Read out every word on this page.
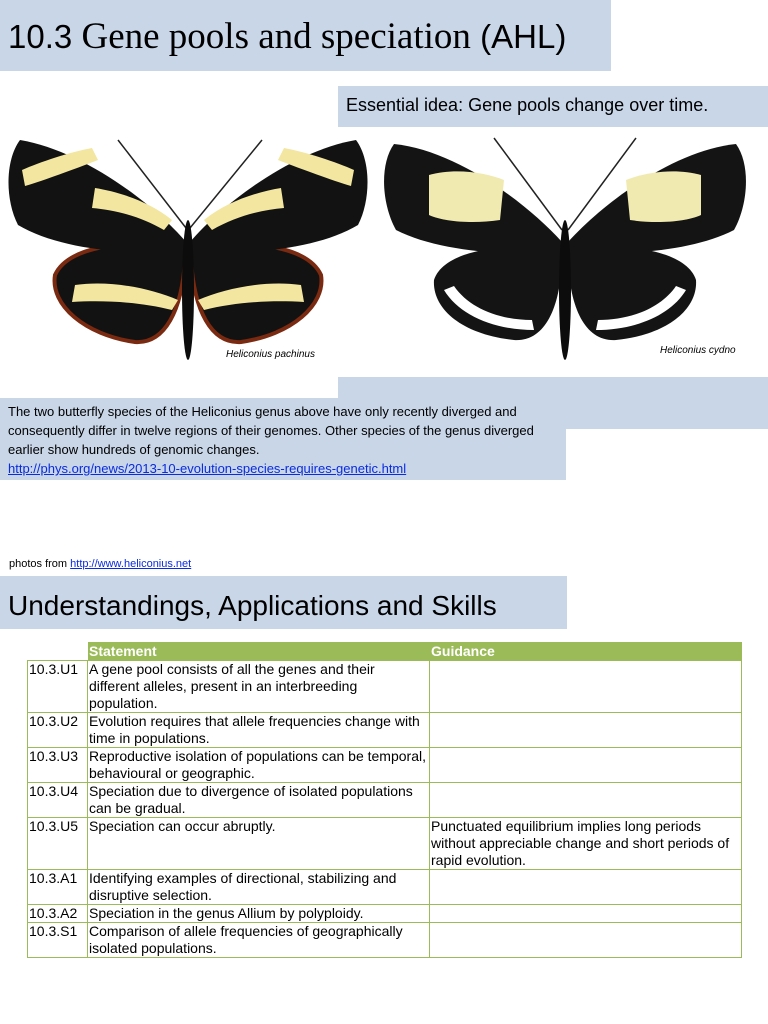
10.3 Gene pools and speciation (AHL)
Essential idea: Gene pools change over time.
Heliconius pachinus	Heliconius cydno
The two butterfly species of the Heliconius genus above have only recently diverged and consequently differ in twelve regions of their genomes. Other species of the genus diverged earlier show hundreds of genomic changes.
http://phys.org/news/2013-10-evolution-species-requires-genetic.html
photos from http://www.heliconius.net
Understandings, Applications and Skills
	Statement	Guidance
10.3.U1	A gene pool consists of all the genes and their different alleles, present in an interbreeding population.	
10.3.U2	Evolution requires that allele frequencies change with time in populations.	
10.3.U3	Reproductive isolation of populations can be temporal, behavioural or geographic.	
10.3.U4	Speciation due to divergence of isolated populations can be gradual.	
10.3.U5	Speciation can occur abruptly.	Punctuated equilibrium implies long periods without appreciable change and short periods of rapid evolution.
10.3.A1	Identifying examples of directional, stabilizing and disruptive selection.	
10.3.A2	Speciation in the genus Allium by polyploidy.	
10.3.S1	Comparison of allele frequencies of geographically isolated populations.	
